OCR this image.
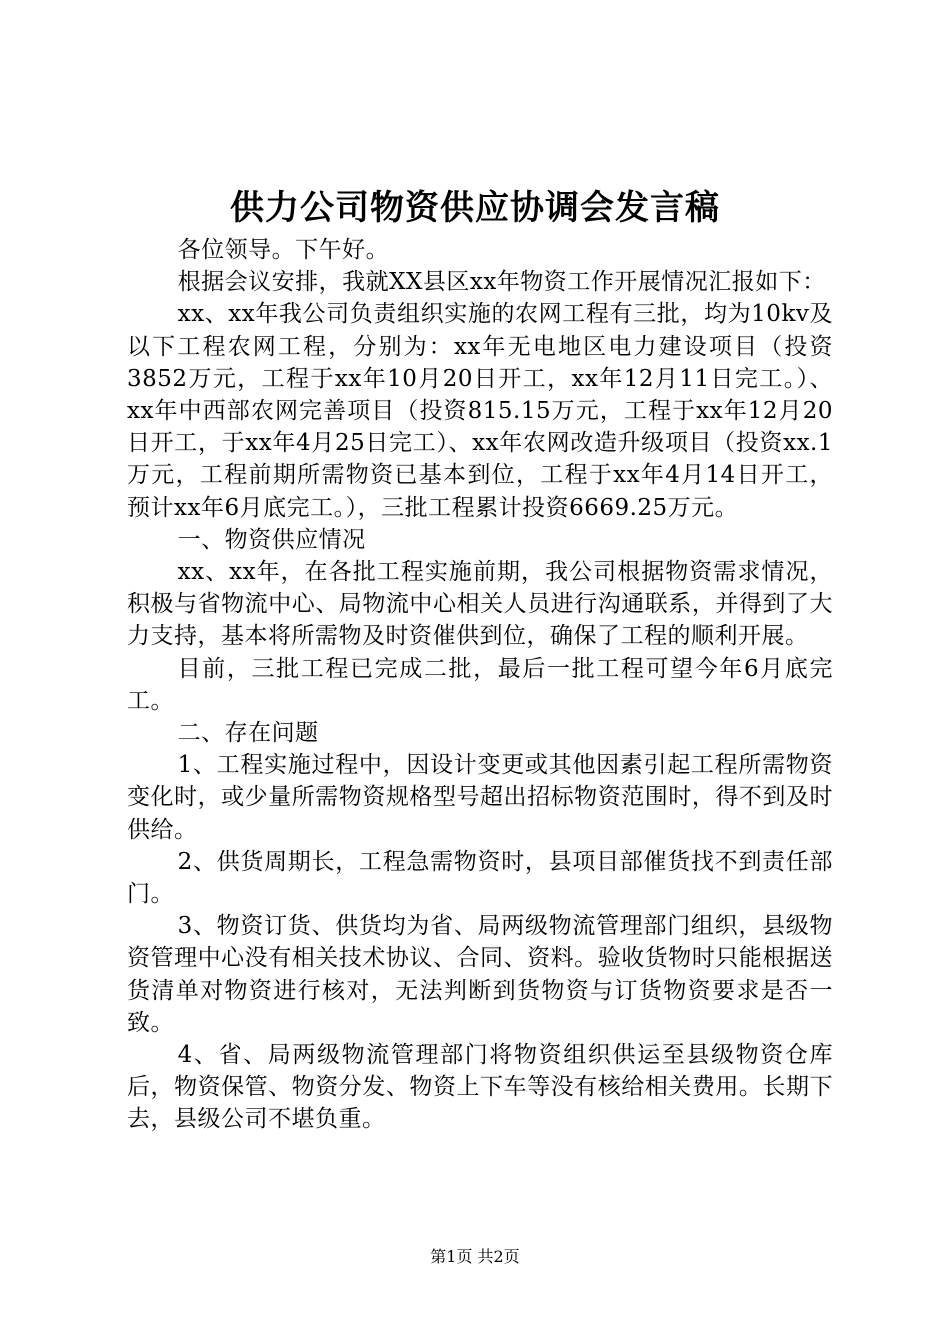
供力公司物资供应协调会发言稿

各位领导。下午好。

根据会议安排，我就XX县区xx年物资工作开展情况汇报如下：

xx、xx年我公司负责组织实施的农网工程有三批，均为10kv及以下工程农网工程，分别为：xx年无电地区电力建设项目（投资3852万元，工程于xx年10月20日开工，xx年12月11日完工。）、xx年中西部农网完善项目（投资815.15万元，工程于xx年12月20日开工，于xx年4月25日完工）、xx年农网改造升级项目（投资xx.1万元，工程前期所需物资已基本到位，工程于xx年4月14日开工，预计xx年6月底完工。），三批工程累计投资6669.25万元。

一、物资供应情况

xx、xx年，在各批工程实施前期，我公司根据物资需求情况，积极与省物流中心、局物流中心相关人员进行沟通联系，并得到了大力支持，基本将所需物及时资催供到位，确保了工程的顺利开展。

目前，三批工程已完成二批，最后一批工程可望今年6月底完工。

二、存在问题

1、工程实施过程中，因设计变更或其他因素引起工程所需物资变化时，或少量所需物资规格型号超出招标物资范围时，得不到及时供给。

2、供货周期长，工程急需物资时，县项目部催货找不到责任部门。

3、物资订货、供货均为省、局两级物流管理部门组织，县级物资管理中心没有相关技术协议、合同、资料。验收货物时只能根据送货清单对物资进行核对，无法判断到货物资与订货物资要求是否一致。

4、省、局两级物流管理部门将物资组织供运至县级物资仓库后，物资保管、物资分发、物资上下车等没有核给相关费用。长期下去，县级公司不堪负重。

第1页 共2页
